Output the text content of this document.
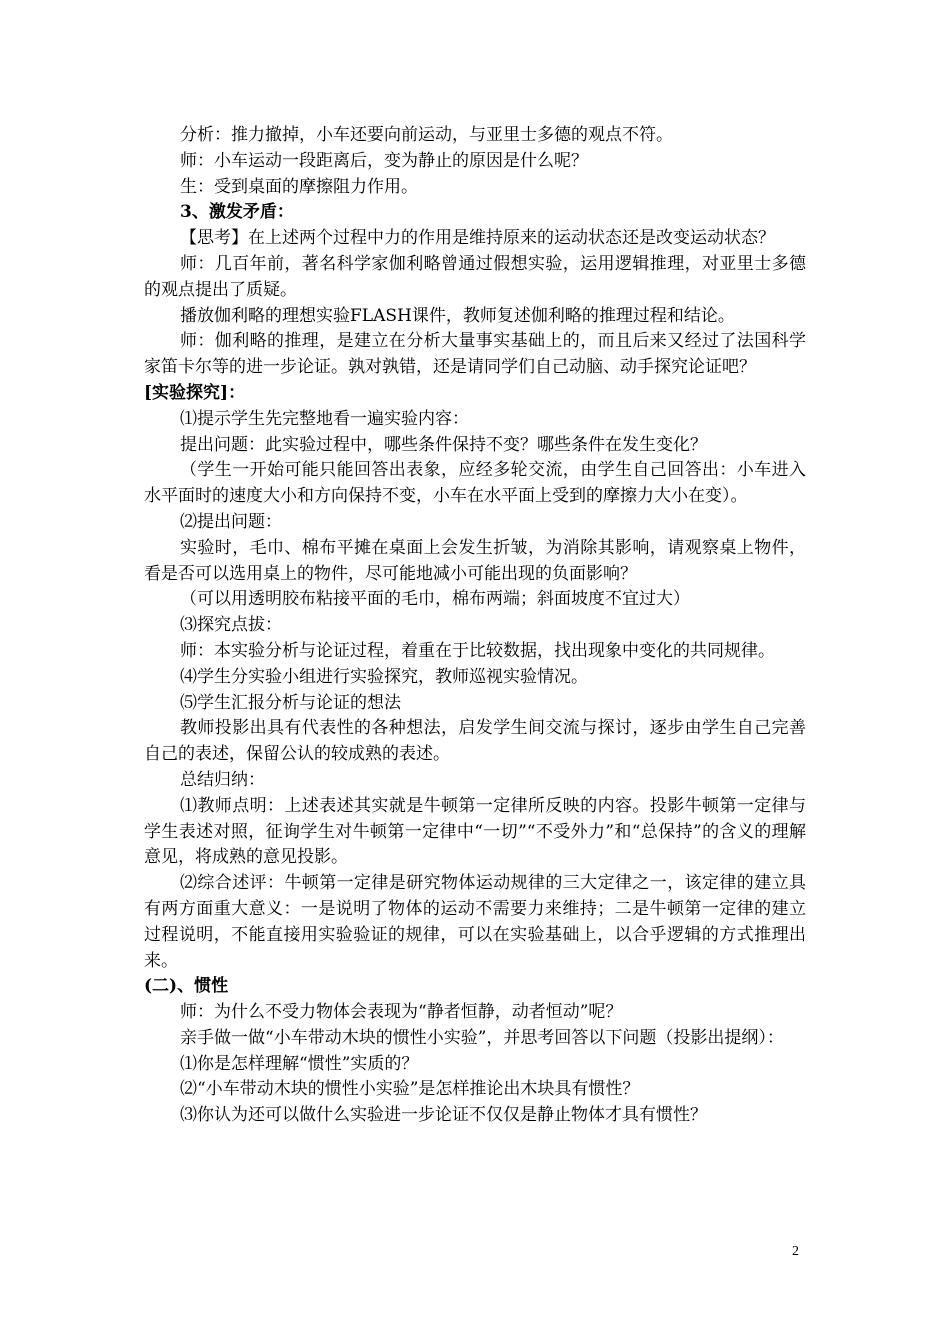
分析：推力撤掉，小车还要向前运动，与亚里士多德的观点不符。

师：小车运动一段距离后，变为静止的原因是什么呢？

生：受到桌面的摩擦阻力作用。

3、激发矛盾：

【思考】在上述两个过程中力的作用是维持原来的运动状态还是改变运动状态？

师：几百年前，著名科学家伽利略曾通过假想实验，运用逻辑推理，对亚里士多德的观点提出了质疑。

播放伽利略的理想实验FLASH课件，教师复述伽利略的推理过程和结论。

师：伽利略的推理，是建立在分析大量事实基础上的，而且后来又经过了法国科学家笛卡尔等的进一步论证。孰对孰错，还是请同学们自己动脑、动手探究论证吧？

[实验探究]：

⑴提示学生先完整地看一遍实验内容：

提出问题：此实验过程中，哪些条件保持不变？哪些条件在发生变化？

（学生一开始可能只能回答出表象，应经多轮交流，由学生自己回答出：小车进入水平面时的速度大小和方向保持不变，小车在水平面上受到的摩擦力大小在变）。

⑵提出问题：

实验时，毛巾、棉布平摊在桌面上会发生折皱，为消除其影响，请观察桌上物件，看是否可以选用桌上的物件，尽可能地减小可能出现的负面影响？

（可以用透明胶布粘接平面的毛巾，棉布两端；斜面坡度不宜过大）

⑶探究点拔：

师：本实验分析与论证过程，着重在于比较数据，找出现象中变化的共同规律。

⑷学生分实验小组进行实验探究，教师巡视实验情况。

⑸学生汇报分析与论证的想法

教师投影出具有代表性的各种想法，启发学生间交流与探讨，逐步由学生自己完善自己的表述，保留公认的较成熟的表述。

总结归纳：

⑴教师点明：上述表述其实就是牛顿第一定律所反映的内容。投影牛顿第一定律与学生表述对照，征询学生对牛顿第一定律中“一切”“不受外力”和“总保持”的含义的理解意见，将成熟的意见投影。

⑵综合述评：牛顿第一定律是研究物体运动规律的三大定律之一，该定律的建立具有两方面重大意义：一是说明了物体的运动不需要力来维持；二是牛顿第一定律的建立过程说明，不能直接用实验验证的规律，可以在实验基础上，以合乎逻辑的方式推理出来。

(二)、惯性

师：为什么不受力物体会表现为“静者恒静，动者恒动”呢？

亲手做一做“小车带动木块的惯性小实验”，并思考回答以下问题（投影出提纲）：

⑴你是怎样理解“惯性”实质的？

⑵“小车带动木块的惯性小实验”是怎样推论出木块具有惯性？

⑶你认为还可以做什么实验进一步论证不仅仅是静止物体才具有惯性？

2
